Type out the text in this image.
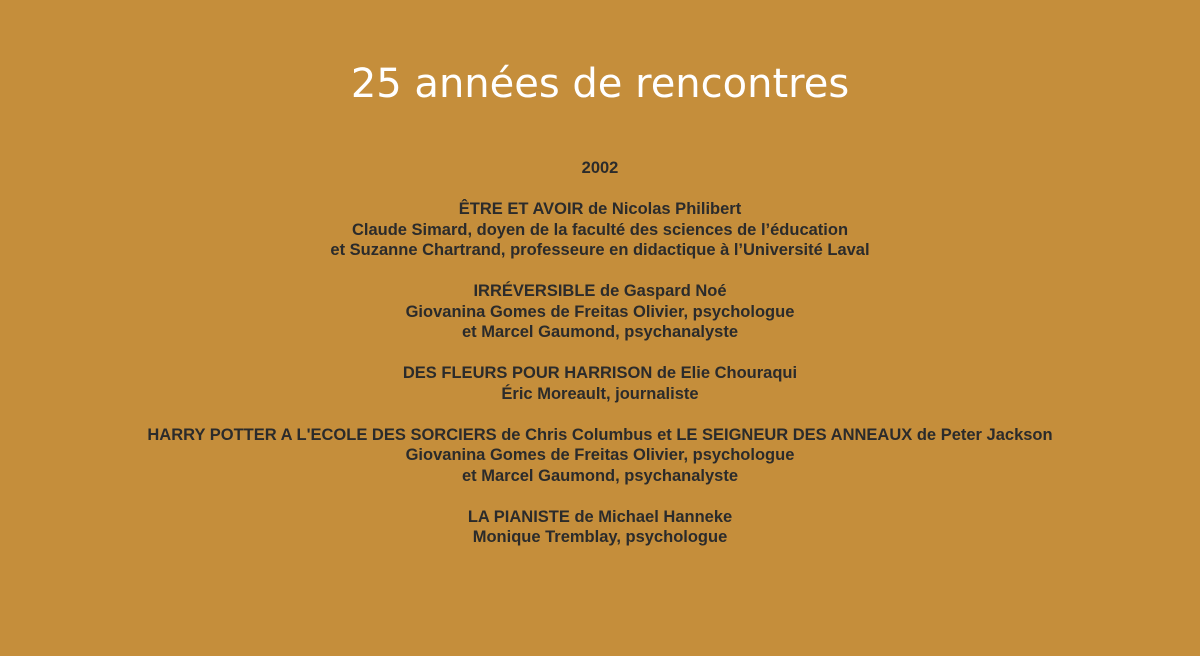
25 années de rencontres
2002
ÊTRE ET AVOIR de Nicolas Philibert
Claude Simard, doyen de la faculté des sciences de l’éducation
et Suzanne Chartrand, professeure en didactique à l’Université Laval
IRRÉVERSIBLE de Gaspard Noé
Giovanina Gomes de Freitas Olivier, psychologue
et Marcel Gaumond, psychanalyste
DES FLEURS POUR HARRISON de Elie Chouraqui
Éric Moreault, journaliste
HARRY POTTER A L'ECOLE DES SORCIERS de Chris Columbus et LE SEIGNEUR DES ANNEAUX de Peter Jackson
Giovanina Gomes de Freitas Olivier, psychologue
et Marcel Gaumond, psychanalyste
LA PIANISTE de Michael Hanneke
Monique Tremblay, psychologue
